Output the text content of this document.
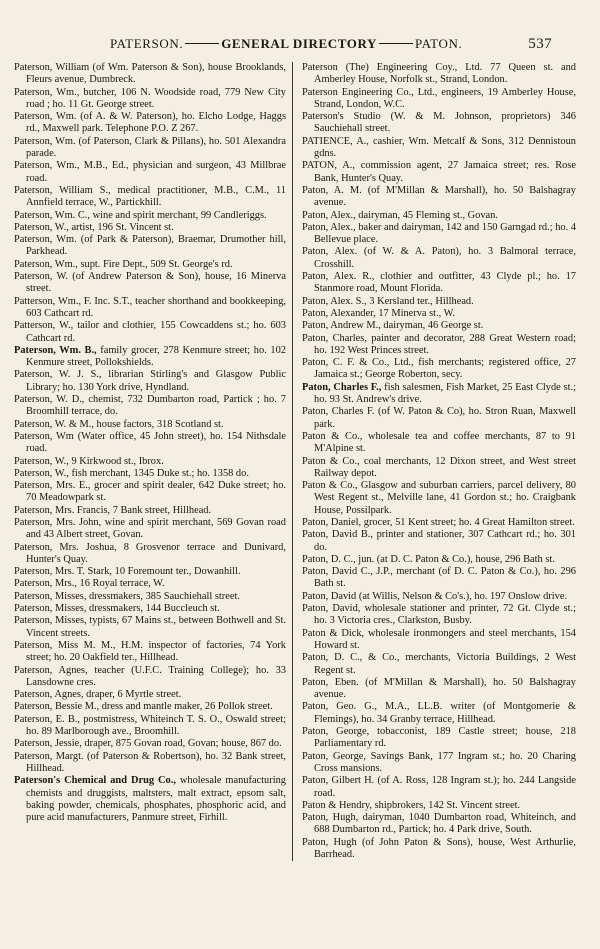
PATERSON.	GENERAL DIRECTORY	PATON.	537

Paterson, William (of Wm. Paterson & Son), house Brooklands, Fleurs avenue, Dumbreck.

Paterson, Wm., butcher, 106 N. Woodside road, 779 New City road ; ho. 11 Gt. George street.

Paterson, Wm. (of A. & W. Paterson), ho. Elcho Lodge, Haggs rd., Maxwell park. Telephone P.O. Z 267.

Paterson, Wm. (of Paterson, Clark & Pillans), ho. 501 Alexandra parade.

Paterson, Wm., M.B., Ed., physician and surgeon, 43 Millbrae road.

Paterson, William S., medical practitioner, M.B., C.M., 11 Annfield terrace, W., Partickhill.

Paterson, Wm. C., wine and spirit merchant, 99 Candleriggs.

Paterson, W., artist, 196 St. Vincent st.

Paterson, Wm. (of Park & Paterson), Braemar, Drumother hill, Parkhead.

Paterson, Wm., supt. Fire Dept., 509 St. George's rd.

Paterson, W. (of Andrew Paterson & Son), house, 16 Minerva street.

Patterson, Wm., F. Inc. S.T., teacher shorthand and bookkeeping, 603 Cathcart rd.

Patterson, W., tailor and clothier, 155 Cowcaddens st.; ho. 603 Cathcart rd.

Paterson, Wm. B., family grocer, 278 Kenmure street; ho. 102 Kenmure street, Pollokshields.

Paterson, W. J. S., librarian Stirling's and Glasgow Public Library; ho. 130 York drive, Hyndland.

Paterson, W. D., chemist, 732 Dumbarton road, Partick ; ho. 7 Broomhill terrace, do.

Paterson, W. & M., house factors, 318 Scotland st.

Paterson, Wm (Water office, 45 John street), ho. 154 Nithsdale road.

Paterson, W., 9 Kirkwood st., Ibrox.

Paterson, W., fish merchant, 1345 Duke st.; ho. 1358 do.

Paterson, Mrs. E., grocer and spirit dealer, 642 Duke street; ho. 70 Meadowpark st.

Paterson, Mrs. Francis, 7 Bank street, Hillhead.

Paterson, Mrs. John, wine and spirit merchant, 569 Govan road and 43 Albert street, Govan.

Paterson, Mrs. Joshua, 8 Grosvenor terrace and Dunivard, Hunter's Quay.

Paterson, Mrs. T. Stark, 10 Foremount ter., Dowanhill.

Paterson, Mrs., 16 Royal terrace, W.

Paterson, Misses, dressmakers, 385 Sauchiehall street.

Paterson, Misses, dressmakers, 144 Buccleuch st.

Paterson, Misses, typists, 67 Mains st., between Bothwell and St. Vincent streets.

Paterson, Miss M. M., H.M. inspector of factories, 74 York street; ho. 20 Oakfield ter., Hillhead.

Paterson, Agnes, teacher (U.F.C. Training College); ho. 33 Lansdowne cres.

Paterson, Agnes, draper, 6 Myrtle street.

Paterson, Bessie M., dress and mantle maker, 26 Pollok street.

Paterson, E. B., postmistress, Whiteinch T. S. O., Oswald street; ho. 89 Marlborough ave., Broomhill.

Paterson, Jessie, draper, 875 Govan road, Govan; house, 867 do.

Paterson, Margt. (of Paterson & Robertson), ho. 32 Bank street, Hillhead.

Paterson's Chemical and Drug Co., wholesale manufacturing chemists and druggists, maltsters, malt extract, epsom salt, baking powder, chemicals, phosphates, phosphoric acid, and pure acid manufacturers, Panmure street, Firhill.

Paterson (The) Engineering Coy., Ltd. 77 Queen st. and Amberley House, Norfolk st., Strand, London.

Paterson Engineering Co., Ltd., engineers, 19 Amberley House, Strand, London, W.C.

Paterson's Studio (W. & M. Johnson, proprietors) 346 Sauchiehall street.

PATIENCE, A., cashier, Wm. Metcalf & Sons, 312 Dennistoun gdns.

PATON, A., commission agent, 27 Jamaica street; res. Rose Bank, Hunter's Quay.

Paton, A. M. (of M'Millan & Marshall), ho. 50 Balshagray avenue.

Paton, Alex., dairyman, 45 Fleming st., Govan.

Paton, Alex., baker and dairyman, 142 and 150 Garngad rd.; ho. 4 Bellevue place.

Paton, Alex. (of W. & A. Paton), ho. 3 Balmoral terrace, Crosshill.

Paton, Alex. R., clothier and outfitter, 43 Clyde pl.; ho. 17 Stanmore road, Mount Florida.

Paton, Alex. S., 3 Kersland ter., Hillhead.

Paton, Alexander, 17 Minerva st., W.

Paton, Andrew M., dairyman, 46 George st.

Paton, Charles, painter and decorator, 288 Great Western road; ho. 192 West Princes street.

Paton, C. F. & Co., Ltd., fish merchants; registered office, 27 Jamaica st.; George Roberton, secy.

Paton, Charles F., fish salesmen, Fish Market, 25 East Clyde st.; ho. 93 St. Andrew's drive.

Paton, Charles F. (of W. Paton & Co), ho. Stron Ruan, Maxwell park.

Paton & Co., wholesale tea and coffee merchants, 87 to 91 M'Alpine st.

Paton & Co., coal merchants, 12 Dixon street, and West street Railway depot.

Paton & Co., Glasgow and suburban carriers, parcel delivery, 80 West Regent st., Melville lane, 41 Gordon st.; ho. Craigbank House, Possilpark.

Paton, Daniel, grocer, 51 Kent street; ho. 4 Great Hamilton street.

Paton, David B., printer and stationer, 307 Cathcart rd.; ho. 301 do.

Paton, D. C., jun. (at D. C. Paton & Co.), house, 296 Bath st.

Paton, David C., J.P., merchant (of D. C. Paton & Co.), ho. 296 Bath st.

Paton, David (at Willis, Nelson & Co's.), ho. 197 Onslow drive.

Paton, David, wholesale stationer and printer, 72 Gt. Clyde st.; ho. 3 Victoria cres., Clarkston, Busby.

Paton & Dick, wholesale ironmongers and steel merchants, 154 Howard st.

Paton, D. C., & Co., merchants, Victoria Buildings, 2 West Regent st.

Paton, Eben. (of M'Millan & Marshall), ho. 50 Balshagray avenue.

Paton, Geo. G., M.A., LL.B. writer (of Montgomerie & Flemings), ho. 34 Granby terrace, Hillhead.

Paton, George, tobacconist, 189 Castle street; house, 218 Parliamentary rd.

Paton, George, Savings Bank, 177 Ingram st.; ho. 20 Charing Cross mansions.

Paton, Gilbert H. (of A. Ross, 128 Ingram st.); ho. 244 Langside road.

Paton & Hendry, shipbrokers, 142 St. Vincent street.

Paton, Hugh, dairyman, 1040 Dumbarton road, Whiteinch, and 688 Dumbarton rd., Partick; ho. 4 Park drive, South.

Paton, Hugh (of John Paton & Sons), house, West Arthurlie, Barrhead.
